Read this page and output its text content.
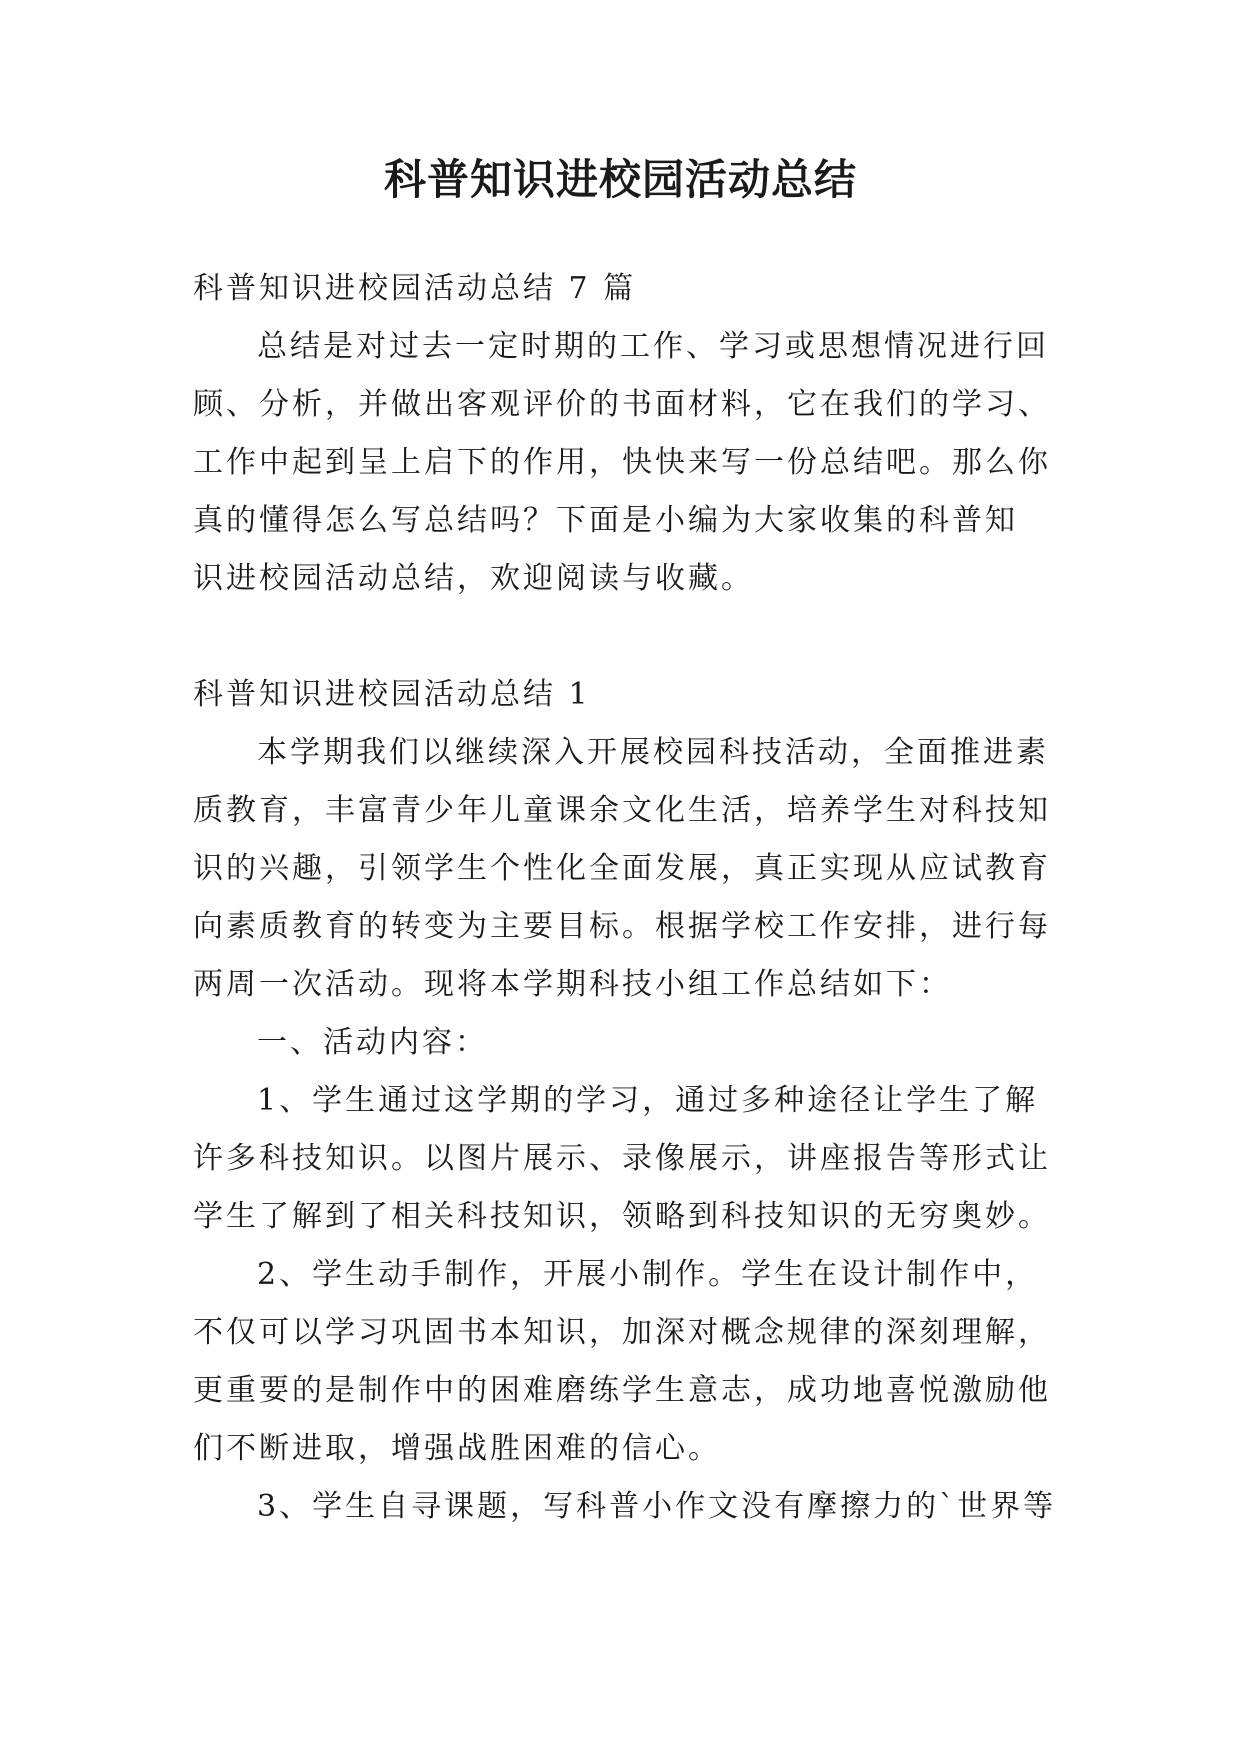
科普知识进校园活动总结
科普知识进校园活动总结 7 篇
总结是对过去一定时期的工作、学习或思想情况进行回
顾、分析，并做出客观评价的书面材料，它在我们的学习、
工作中起到呈上启下的作用，快快来写一份总结吧。那么你
真的懂得怎么写总结吗？下面是小编为大家收集的科普知
识进校园活动总结，欢迎阅读与收藏。
科普知识进校园活动总结 1
本学期我们以继续深入开展校园科技活动，全面推进素
质教育，丰富青少年儿童课余文化生活，培养学生对科技知
识的兴趣，引领学生个性化全面发展，真正实现从应试教育
向素质教育的转变为主要目标。根据学校工作安排，进行每
两周一次活动。现将本学期科技小组工作总结如下：
一、活动内容：
1、学生通过这学期的学习，通过多种途径让学生了解
许多科技知识。以图片展示、录像展示，讲座报告等形式让
学生了解到了相关科技知识，领略到科技知识的无穷奥妙。
2、学生动手制作，开展小制作。学生在设计制作中，
不仅可以学习巩固书本知识，加深对概念规律的深刻理解，
更重要的是制作中的困难磨练学生意志，成功地喜悦激励他
们不断进取，增强战胜困难的信心。
3、学生自寻课题，写科普小作文没有摩擦力的`世界等
